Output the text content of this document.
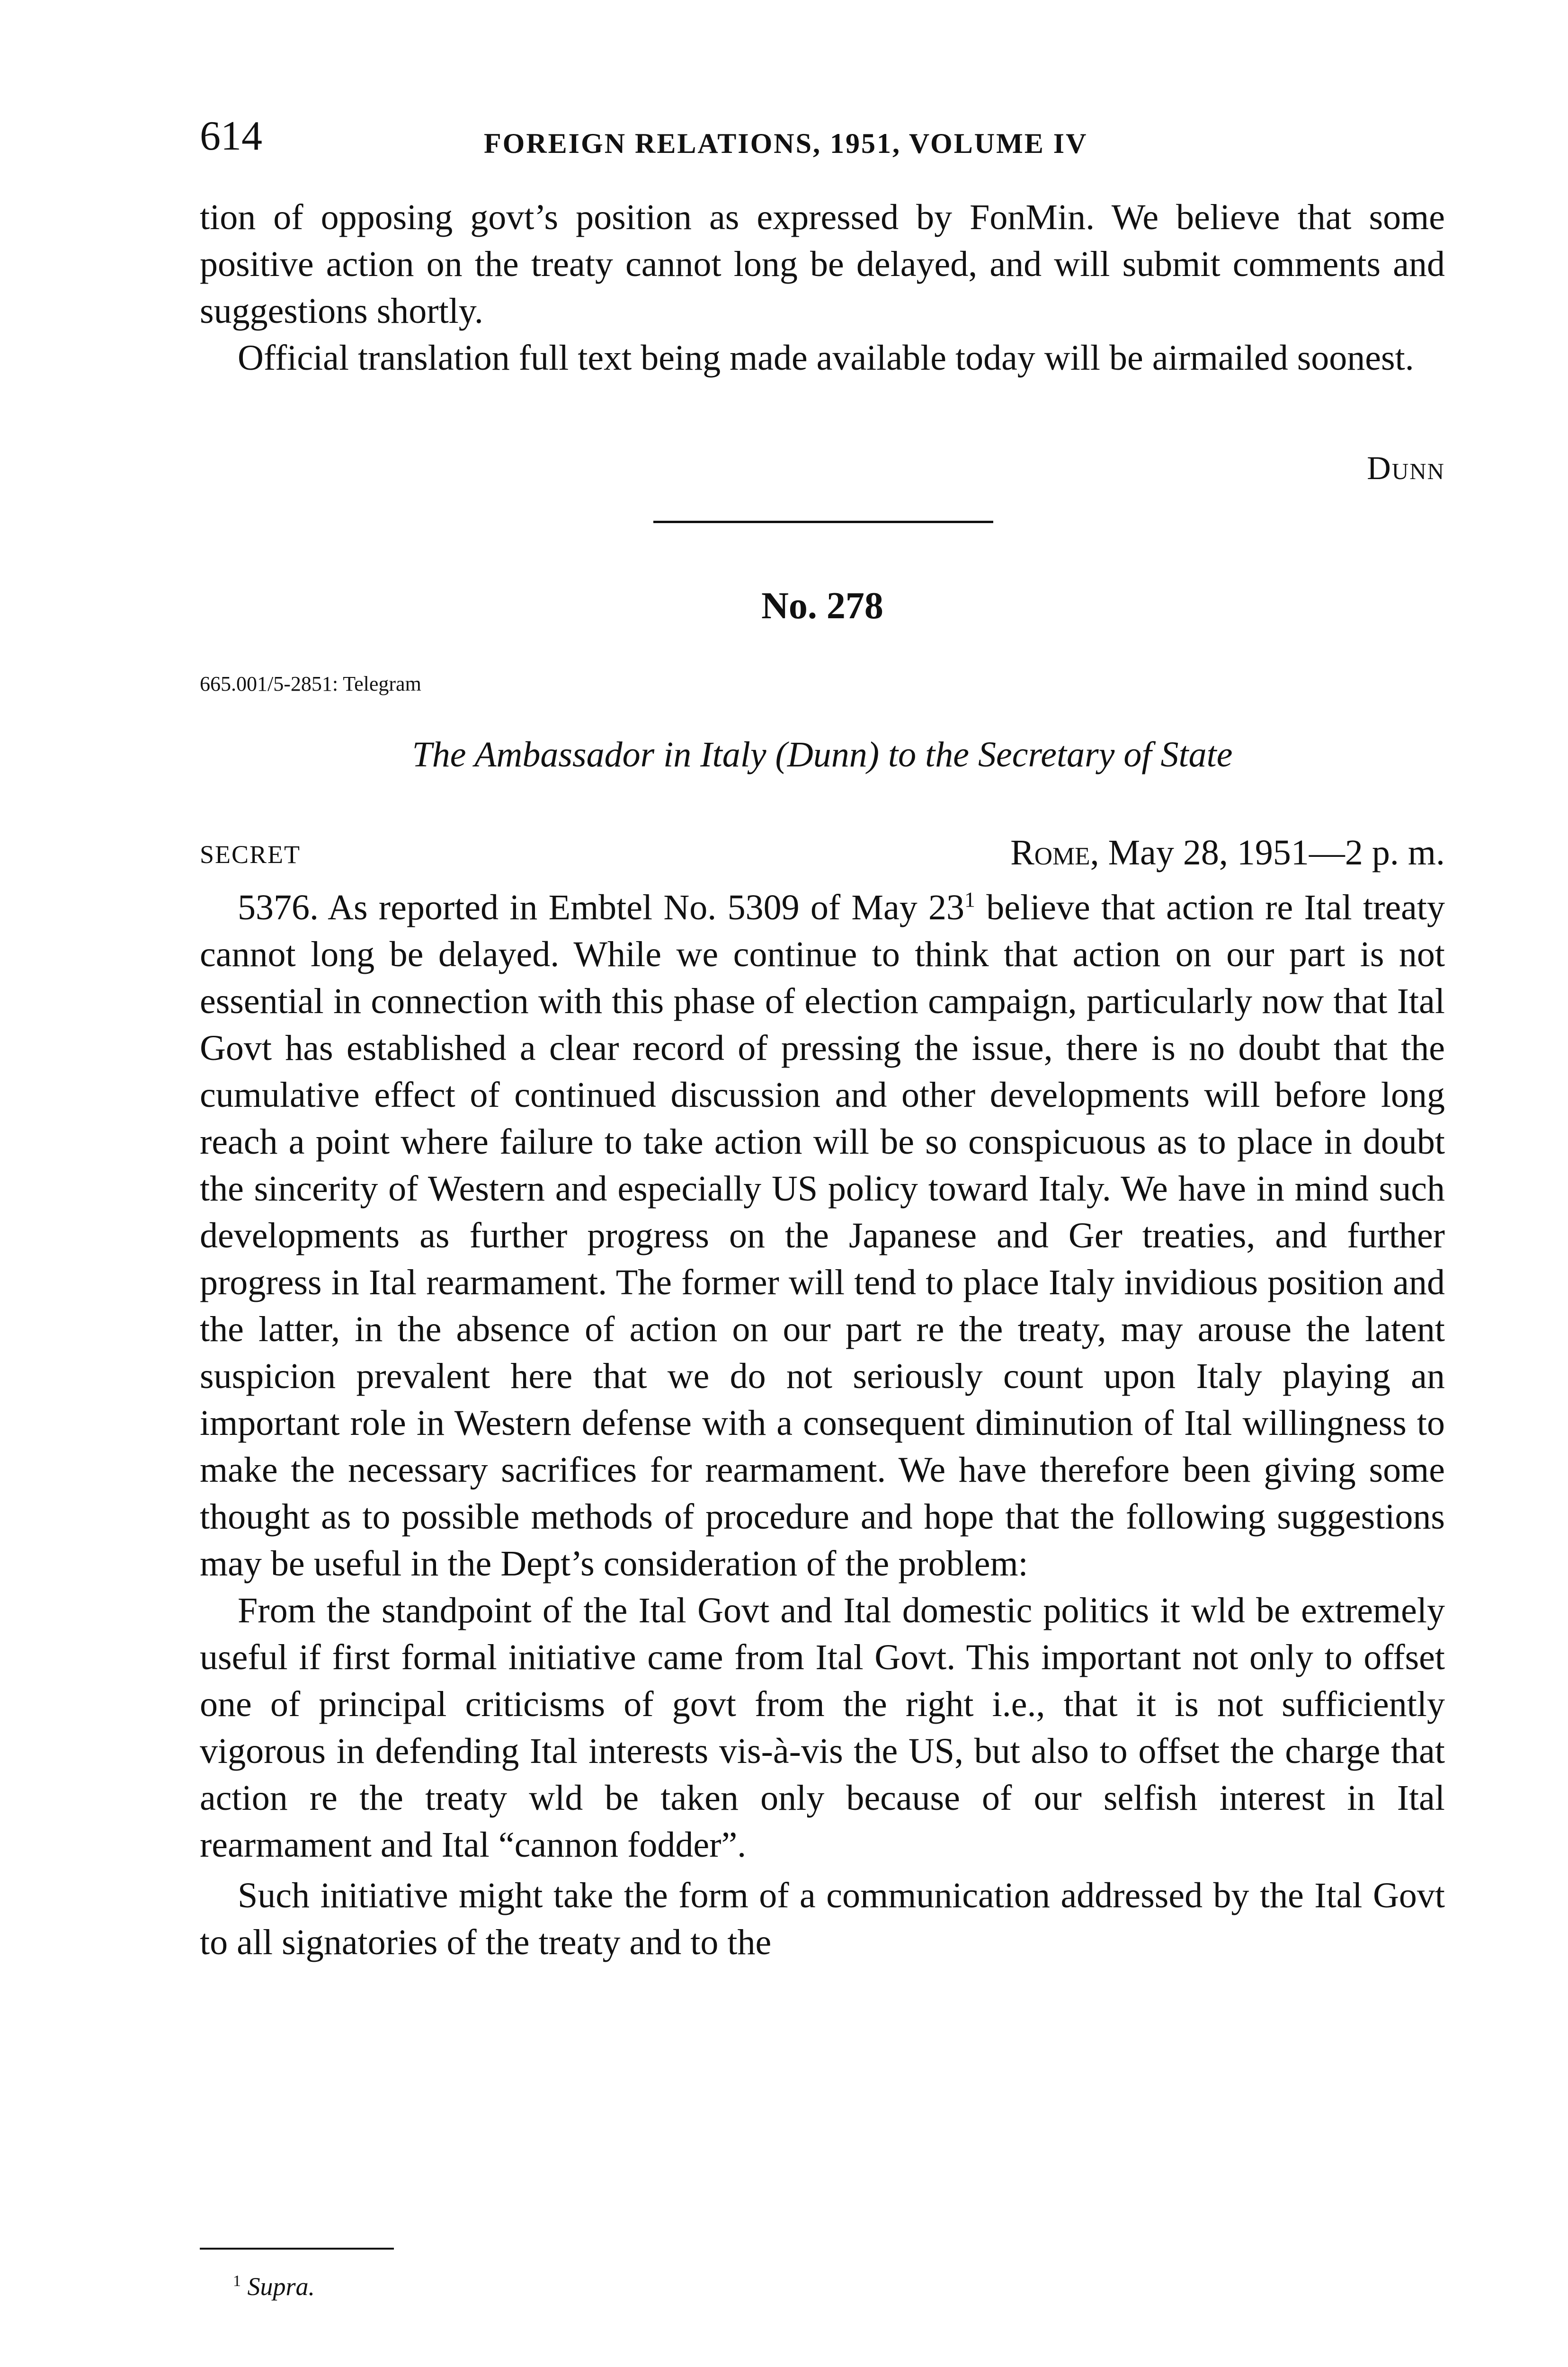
614	FOREIGN RELATIONS, 1951, VOLUME IV

tion of opposing govt’s position as expressed by FonMin. We believe that some positive action on the treaty cannot long be delayed, and will submit comments and suggestions shortly.

Official translation full text being made available today will be airmailed soonest.

Dunn
No. 278
665.001/5-2851: Telegram
The Ambassador in Italy (Dunn) to the Secretary of State
SECRET	Rome, May 28, 1951—2 p. m.

5376. As reported in Embtel No. 5309 of May 23$^1$ believe that action re Ital treaty cannot long be delayed. While we continue to think that action on our part is not essential in connection with this phase of election campaign, particularly now that Ital Govt has established a clear record of pressing the issue, there is no doubt that the cumulative effect of continued discussion and other developments will before long reach a point where failure to take action will be so conspicuous as to place in doubt the sincerity of Western and especially US policy toward Italy. We have in mind such developments as further progress on the Japanese and Ger treaties, and further progress in Ital rearmament. The former will tend to place Italy invidious position and the latter, in the absence of action on our part re the treaty, may arouse the latent suspicion prevalent here that we do not seriously count upon Italy playing an important role in Western defense with a consequent diminution of Ital willingness to make the necessary sacrifices for rearmament. We have therefore been giving some thought as to possible methods of procedure and hope that the following suggestions may be useful in the Dept’s consideration of the problem:

From the standpoint of the Ital Govt and Ital domestic politics it wld be extremely useful if first formal initiative came from Ital Govt. This important not only to offset one of principal criticisms of govt from the right i.e., that it is not sufficiently vigorous in defending Ital interests vis-à-vis the US, but also to offset the charge that action re the treaty wld be taken only because of our selfish interest in Ital rearmament and Ital “cannon fodder”.

Such initiative might take the form of a communication addressed by the Ital Govt to all signatories of the treaty and to the

$^1$ Supra.
